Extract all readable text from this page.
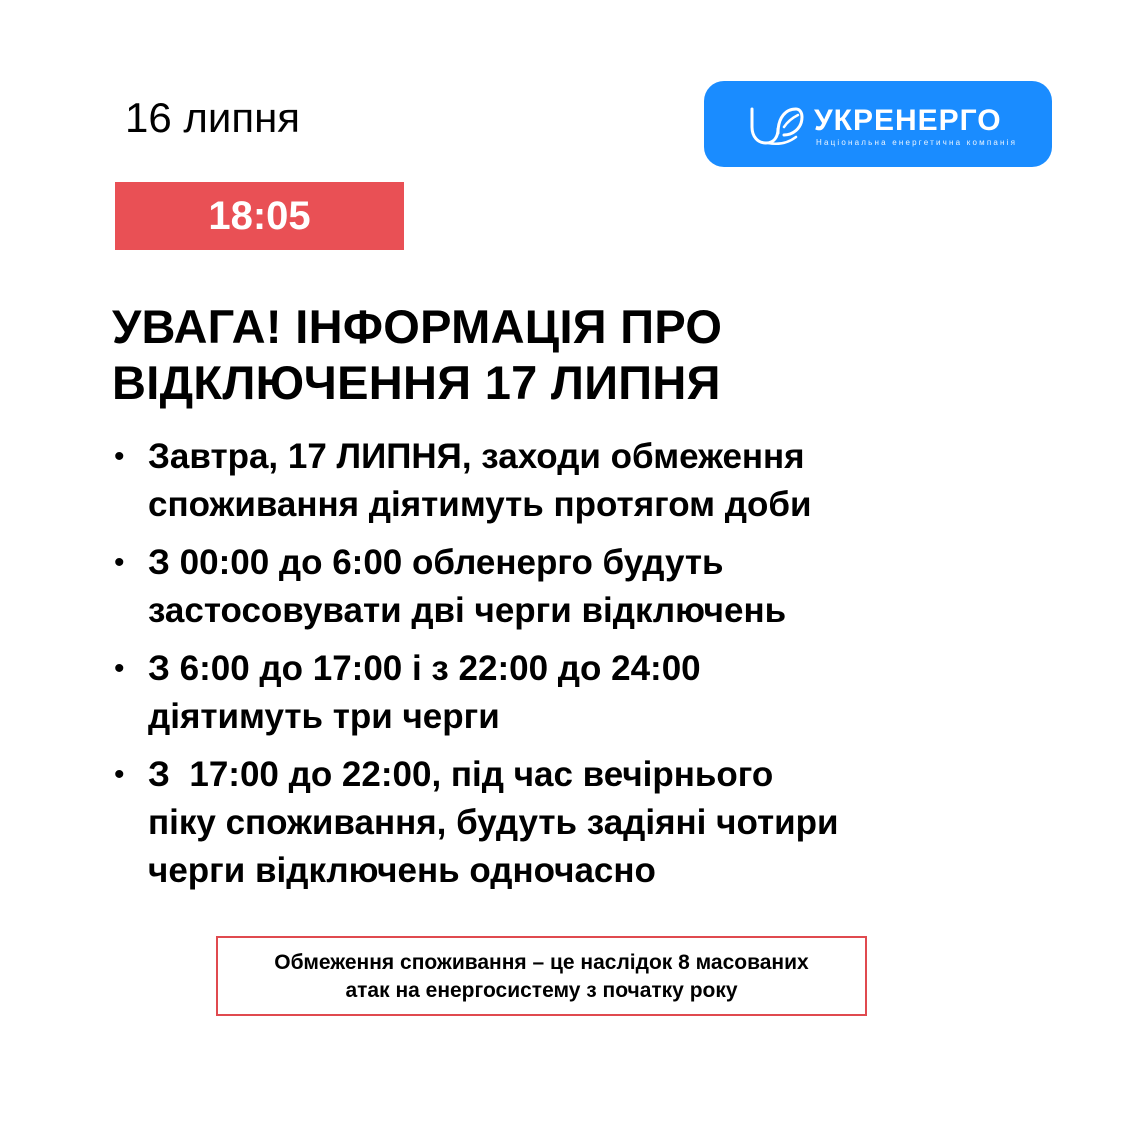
16 липня	УКРЕНЕРГО
Національна енергетична компанія
18:05
УВАГА! ІНФОРМАЦІЯ ПРО
ВІДКЛЮЧЕННЯ 17 ЛИПНЯ
• Завтра, 17 ЛИПНЯ, заходи обмеження
споживання діятимуть протягом доби
• З 00:00 до 6:00 обленерго будуть
застосовувати дві черги відключень
• З 6:00 до 17:00 і з 22:00 до 24:00
діятимуть три черги
• З  17:00 до 22:00, під час вечірнього
піку споживання, будуть задіяні чотири
черги відключень одночасно
Обмеження споживання – це наслідок 8 масованих
атак на енергосистему з початку року
